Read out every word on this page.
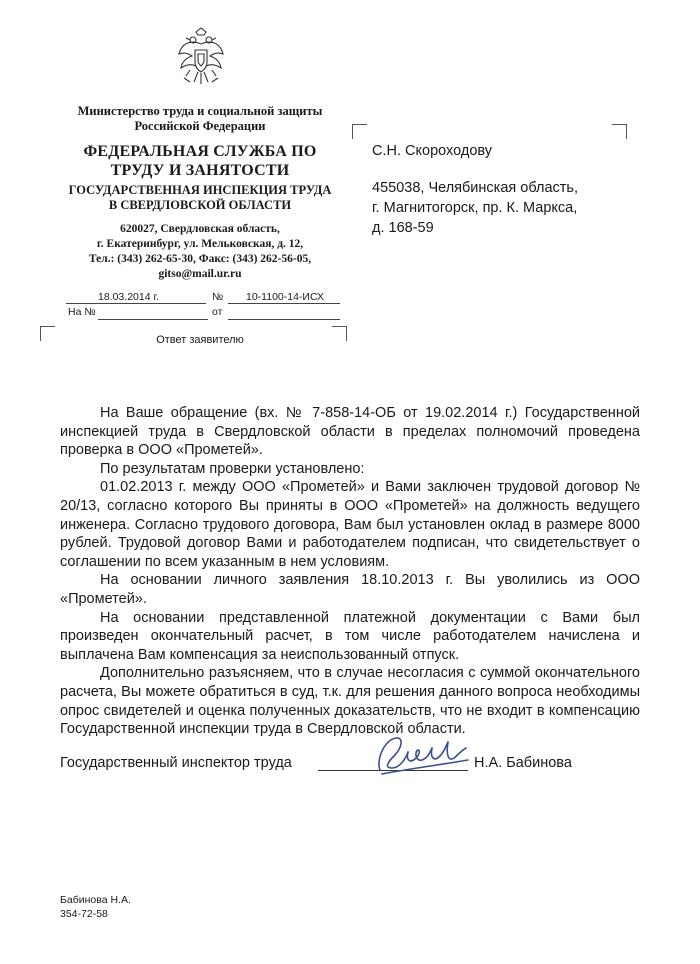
Министерство труда и социальной защиты
Российской Федерации
ФЕДЕРАЛЬНАЯ СЛУЖБА ПО
ТРУДУ И ЗАНЯТОСТИ
ГОСУДАРСТВЕННАЯ ИНСПЕКЦИЯ ТРУДА
В СВЕРДЛОВСКОЙ ОБЛАСТИ
620027, Свердловская область,
г. Екатеринбург, ул. Мельковская, д. 12,
Тел.: (343) 262-65-30, Факс: (343) 262-56-05,
gitso@mail.ur.ru
18.03.2014 г.	№ 10-1100-14-ИСХ
На №	от
Ответ заявителю
С.Н. Скороходову
455038, Челябинская область,
г. Магнитогорск, пр. К. Маркса,
д. 168-59

На Ваше обращение (вх. № 7-858-14-ОБ от 19.02.2014 г.) Государственной инспекцией труда в Свердловской области в пределах полномочий проведена проверка в ООО «Прометей».

По результатам проверки установлено:

01.02.2013 г. между ООО «Прометей» и Вами заключен трудовой договор № 20/13, согласно которого Вы приняты в ООО «Прометей» на должность ведущего инженера. Согласно трудового договора, Вам был установлен оклад в размере 8000 рублей. Трудовой договор Вами и работодателем подписан, что свидетельствует о соглашении по всем указанным в нем условиям.

На основании личного заявления 18.10.2013 г. Вы уволились из ООО «Прометей».

На основании представленной платежной документации с Вами был произведен окончательный расчет, в том числе работодателем начислена и выплачена Вам компенсация за неиспользованный отпуск.

Дополнительно разъясняем, что в случае несогласия с суммой окончательного расчета, Вы можете обратиться в суд, т.к. для решения данного вопроса необходимы опрос свидетелей и оценка полученных доказательств, что не входит в компенсацию Государственной инспекции труда в Свердловской области.

Государственный инспектор труда	Н.А. Бабинова
Бабинова Н.А.
354-72-58
